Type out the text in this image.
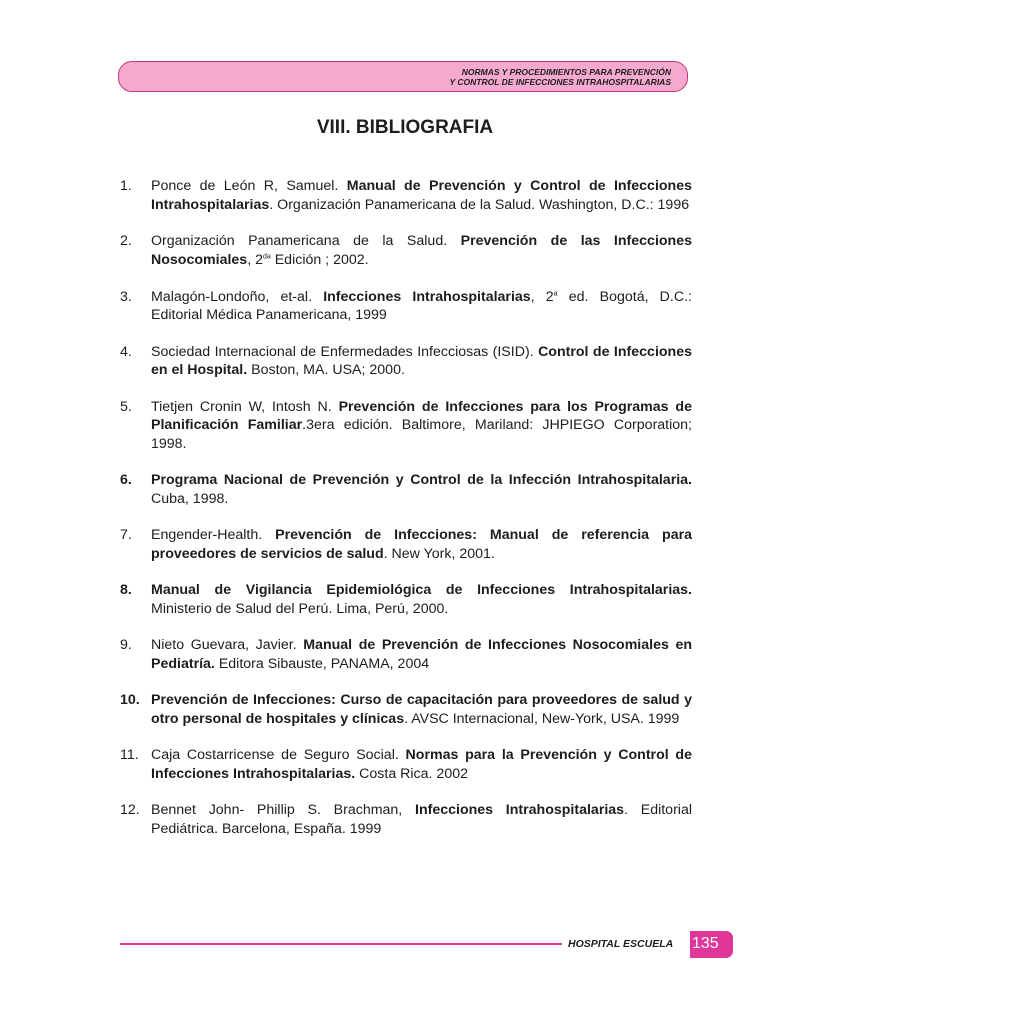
NORMAS Y PROCEDIMIENTOS PARA PREVENCIÓN
Y CONTROL DE INFECCIONES INTRAHOSPITALARIAS
VIII. BIBLIOGRAFIA
1. Ponce de León R, Samuel. Manual de Prevención y Control de Infecciones Intrahospitalarias. Organización Panamericana de la Salud. Washington, D.C.: 1996
2. Organización Panamericana de la Salud. Prevención de las Infecciones Nosocomiales, $2^{da}$ Edición ; 2002.
3. Malagón-Londoño, et-al. Infecciones Intrahospitalarias, 2$^a$ ed. Bogotá, D.C.: Editorial Médica Panamericana, 1999
4. Sociedad Internacional de Enfermedades Infecciosas (ISID). Control de Infecciones en el Hospital. Boston, MA. USA; 2000.
5. Tietjen Cronin W, Intosh N. Prevención de Infecciones para los Programas de Planificación Familiar.3era edición. Baltimore, Mariland: JHPIEGO Corporation; 1998.
6. Programa Nacional de Prevención y Control de la Infección Intrahospitalaria. Cuba, 1998.
7. Engender-Health. Prevención de Infecciones: Manual de referencia para proveedores de servicios de salud. New York, 2001.
8. Manual de Vigilancia Epidemiológica de Infecciones Intrahospitalarias. Ministerio de Salud del Perú. Lima, Perú, 2000.
9. Nieto Guevara, Javier. Manual de Prevención de Infecciones Nosocomiales en Pediatría. Editora Sibauste, PANAMA, 2004
10. Prevención de Infecciones: Curso de capacitación para proveedores de salud y otro personal de hospitales y clínicas. AVSC Internacional, New-York, USA. 1999
11. Caja Costarricense de Seguro Social. Normas para la Prevención y Control de Infecciones Intrahospitalarias. Costa Rica. 2002
12. Bennet John- Phillip S. Brachman, Infecciones Intrahospitalarias. Editorial Pediátrica. Barcelona, España. 1999
HOSPITAL ESCUELA 135
